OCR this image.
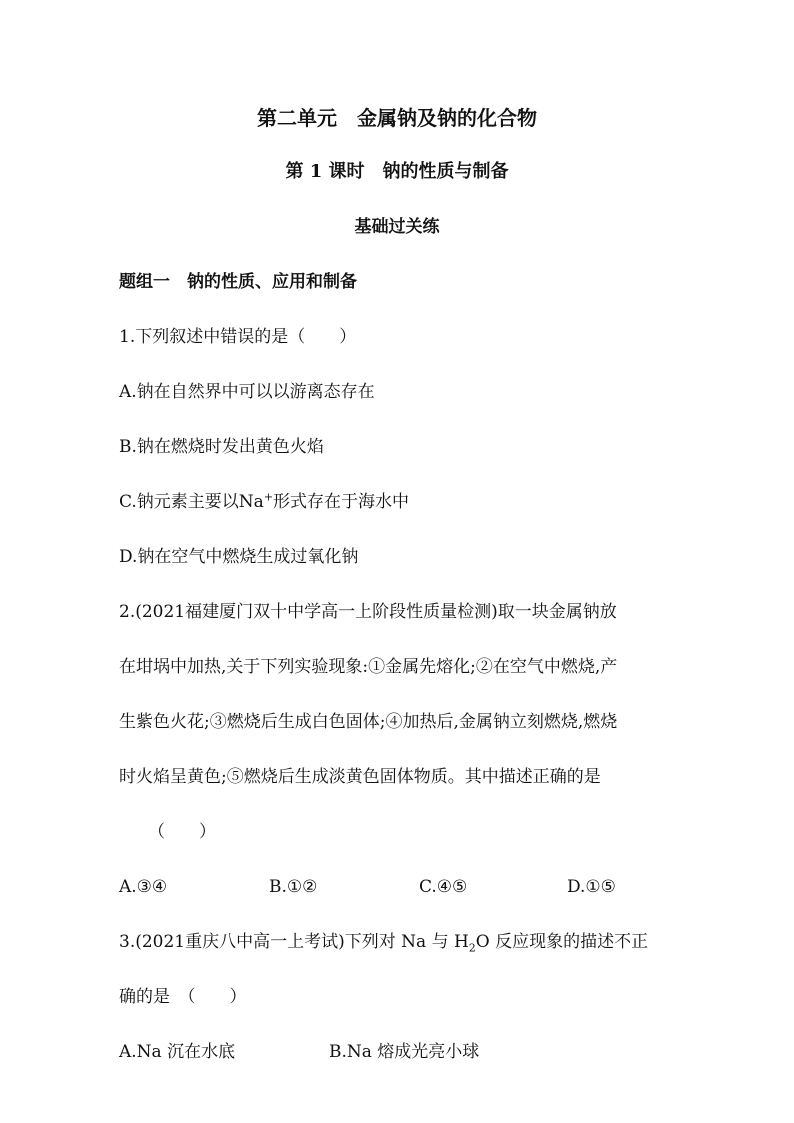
第二单元　金属钠及钠的化合物
第 1 课时　钠的性质与制备
基础过关练
题组一　钠的性质、应用和制备
1.下列叙述中错误的是（　　）
A.钠在自然界中可以以游离态存在
B.钠在燃烧时发出黄色火焰
C.钠元素主要以Na+形式存在于海水中
D.钠在空气中燃烧生成过氧化钠
2.(2021福建厦门双十中学高一上阶段性质量检测)取一块金属钠放
在坩埚中加热,关于下列实验现象:①金属先熔化;②在空气中燃烧,产
生紫色火花;③燃烧后生成白色固体;④加热后,金属钠立刻燃烧,燃烧
时火焰呈黄色;⑤燃烧后生成淡黄色固体物质。其中描述正确的是
（　　）
A.③④	B.①②	C.④⑤	D.①⑤
3.(2021重庆八中高一上考试)下列对 Na 与 $H_2O$ 反应现象的描述不正
确的是　（　　）
A.Na 沉在水底	B.Na 熔成光亮小球
